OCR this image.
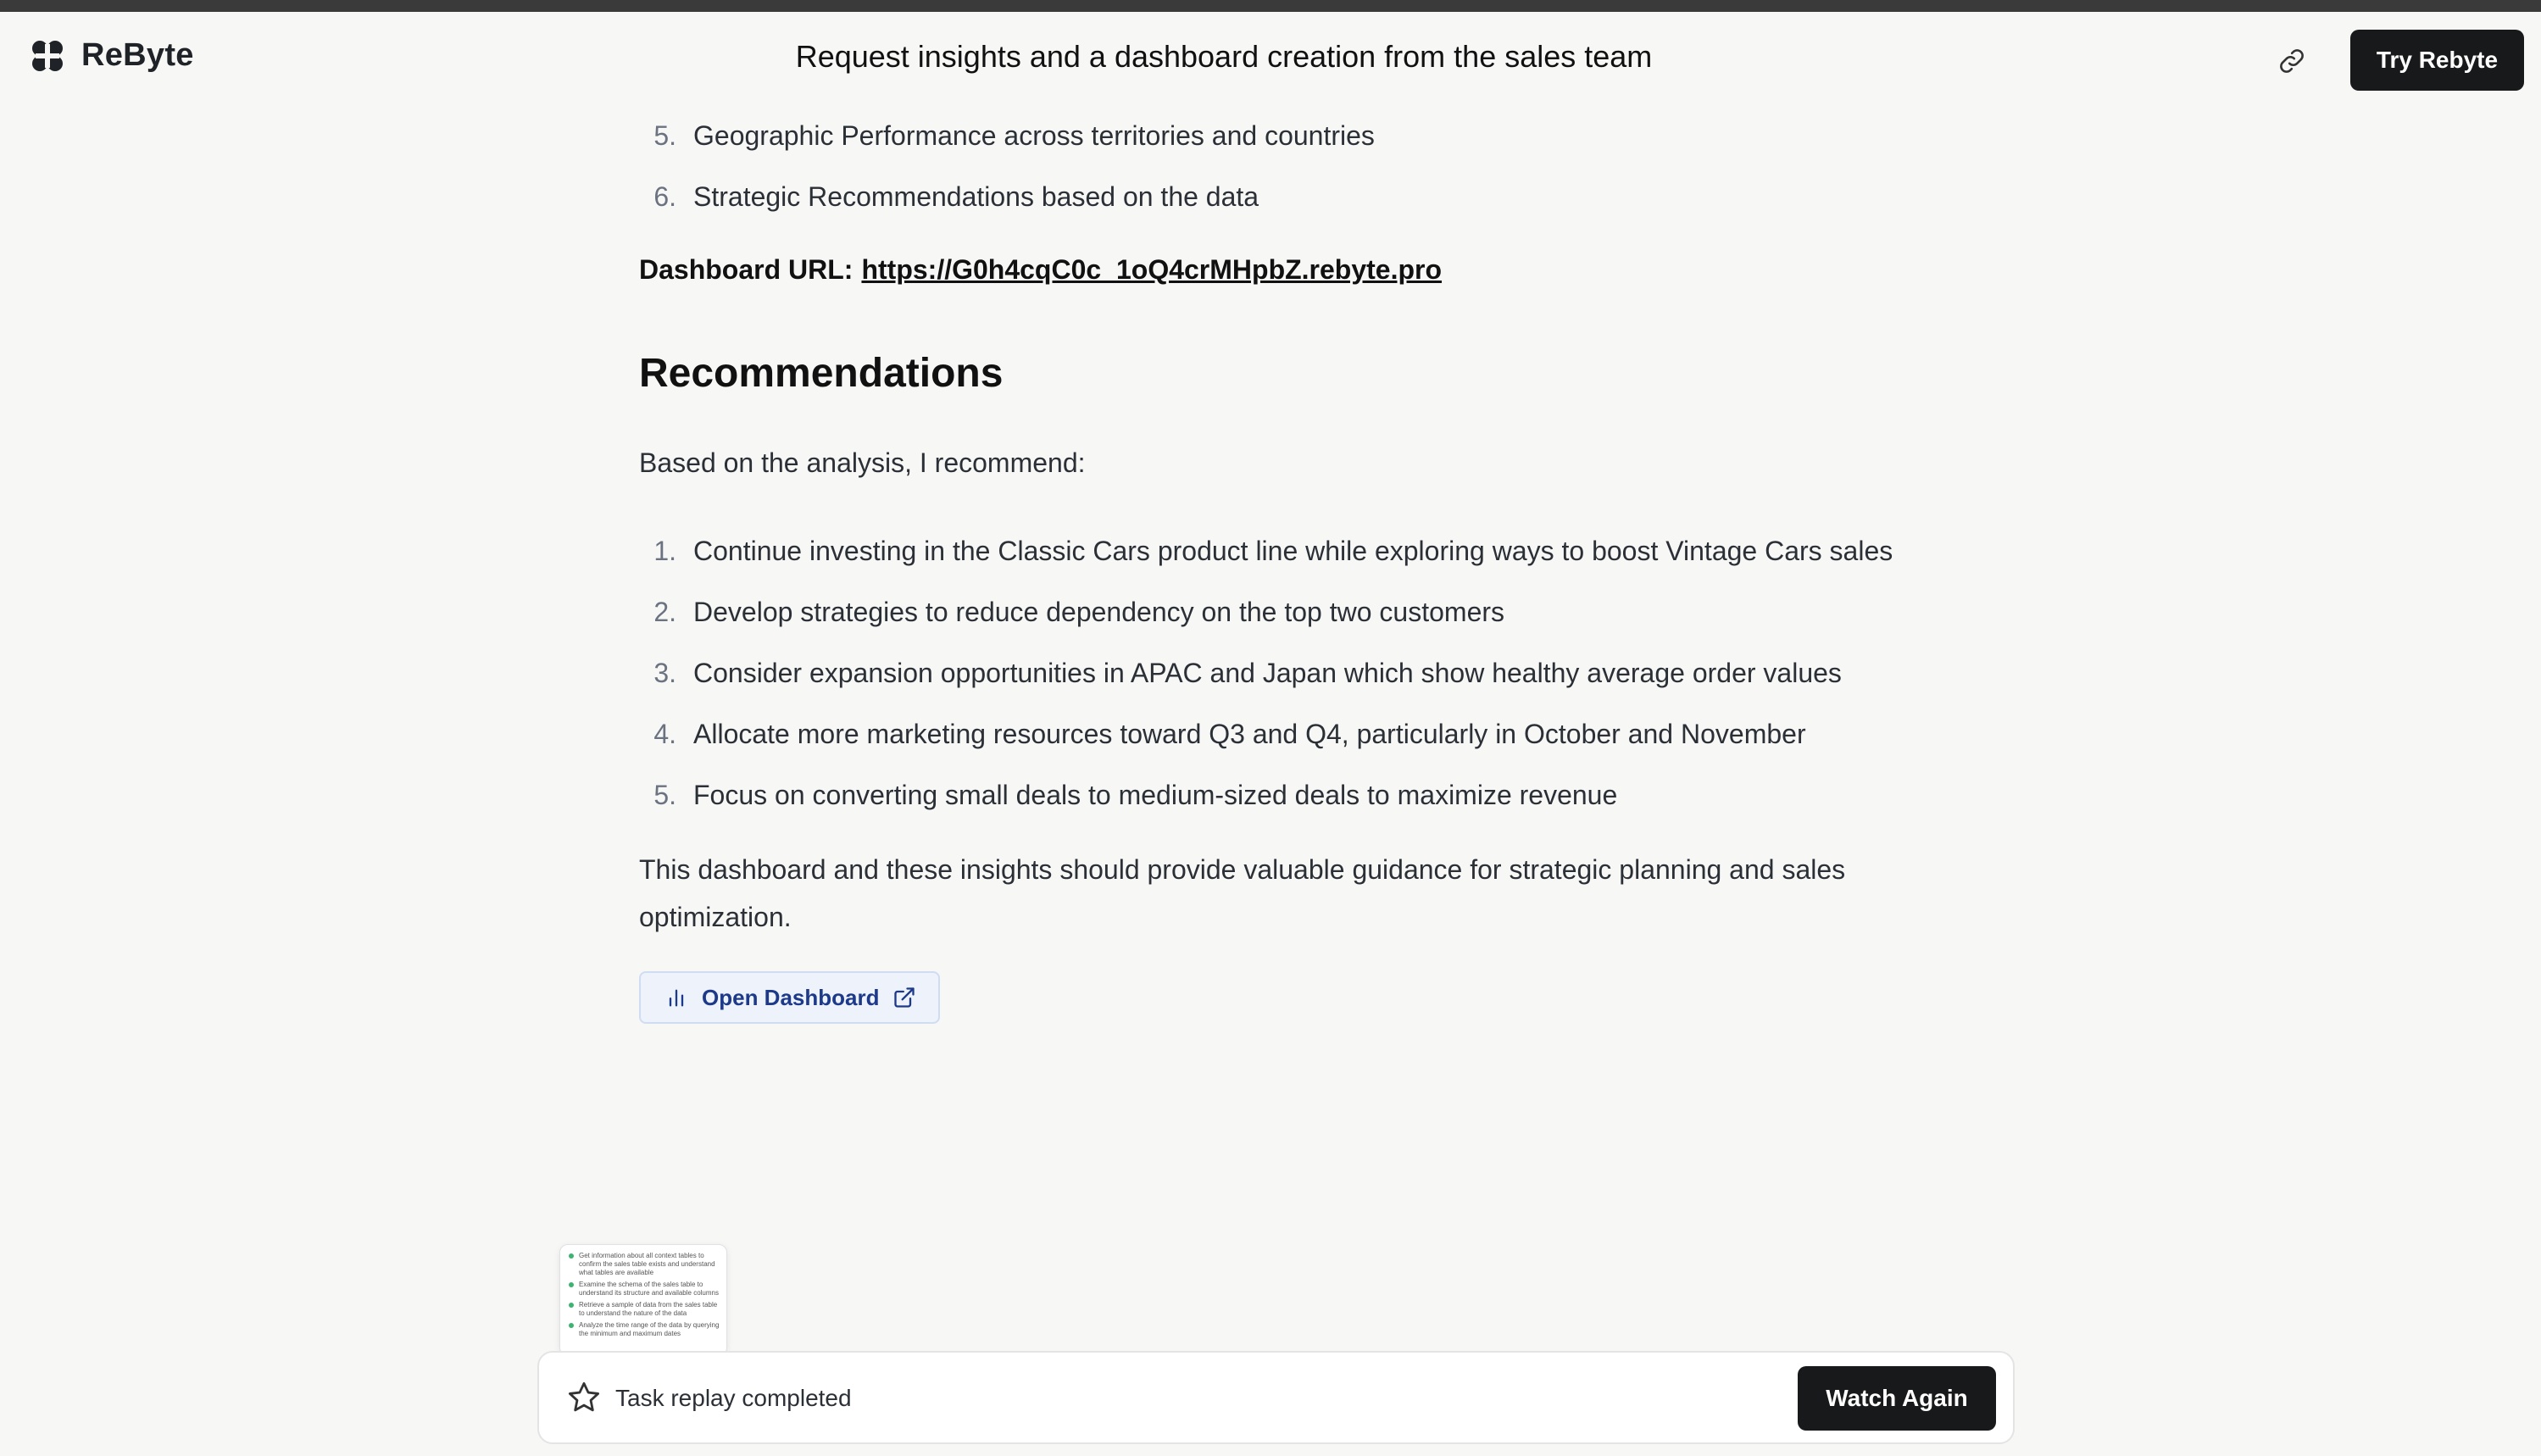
ReByte	Request insights and a dashboard creation from the sales team	Try Rebyte
5. Geographic Performance across territories and countries
6. Strategic Recommendations based on the data
Dashboard URL: https://G0h4cqC0c_1oQ4crMHpbZ.rebyte.pro
Recommendations
Based on the analysis, I recommend:
1. Continue investing in the Classic Cars product line while exploring ways to boost Vintage Cars sales
2. Develop strategies to reduce dependency on the top two customers
3. Consider expansion opportunities in APAC and Japan which show healthy average order values
4. Allocate more marketing resources toward Q3 and Q4, particularly in October and November
5. Focus on converting small deals to medium-sized deals to maximize revenue

This dashboard and these insights should provide valuable guidance for strategic planning and sales optimization.

Open Dashboard
Get information about all context tables to confirm the sales table exists and understand what tables are available
Examine the schema of the sales table to understand its structure and available columns
Retrieve a sample of data from the sales table to understand the nature of the data
Analyze the time range of the data by querying the minimum and maximum dates
Task replay completed	Watch Again
